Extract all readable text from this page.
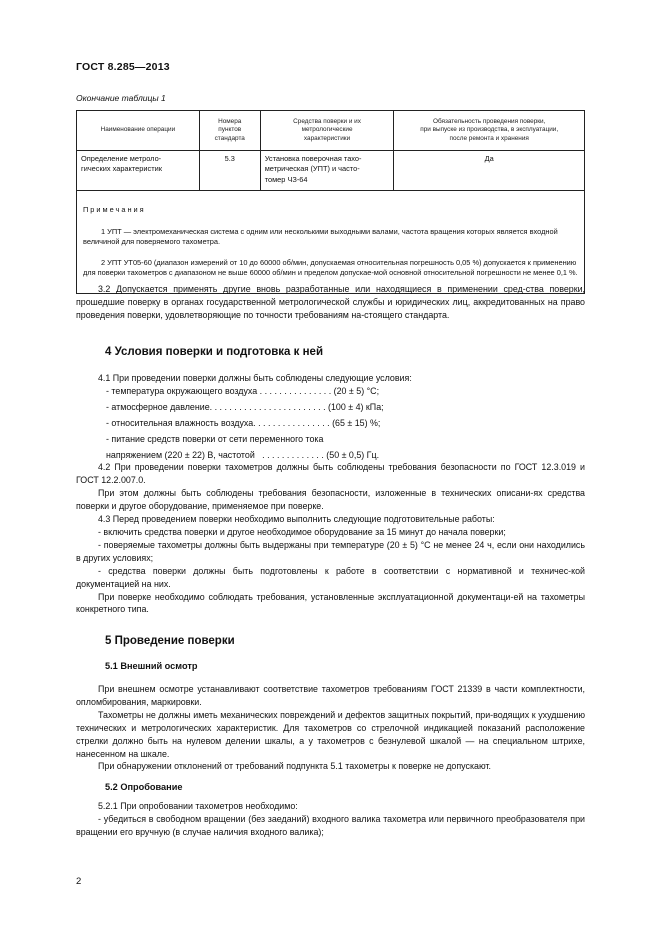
ГОСТ 8.285—2013
Окончание таблицы 1
Наименование операции	Номера
пунктов
стандарта	Средства поверки и их
метрологические
характеристики	Обязательность проведения поверки,
при выпуске из производства, в эксплуатации,
после ремонта и хранения
Определение метроло-
гических характеристик	5.3	Установка поверочная тахо-
метрическая (УПТ) и часто-
томер ЧЗ-64	Да

Примечания

1 УПТ — электромеханическая система с одним или несколькими выходными валами, частота вращения которых является входной величиной для поверяемого тахометра.

2 УПТ УТ05-60 (диапазон измерений от 10 до 60000 об/мин, допускаемая относительная погрешность 0,05 %) допускается к применению для поверки тахометров с диапазоном не выше 60000 об/мин и пределом допускае-мой основной относительной погрешности не менее 0,1 %.			

3.2 Допускается применять другие вновь разработанные или находящиеся в применении сред-ства поверки, прошедшие поверку в органах государственной метрологической службы и юридических лиц, аккредитованных на право проведения поверки, удовлетворяющие по точности требованиям на-стоящего стандарта.
4 Условия поверки и подготовка к ней
4.1 При проведении поверки должны быть соблюдены следующие условия:
- температура окружающего воздуха . . . . . . . . . . . . . . . (20 ± 5) °С;
- атмосферное давление. . . . . . . . . . . . . . . . . . . . . . . . (100 ± 4) кПа;
- относительная влажность воздуха. . . . . . . . . . . . . . . . (65 ± 15) %;
- питание средств поверки от сети переменного тока
напряжением (220 ± 22) В, частотой   . . . . . . . . . . . . . (50 ± 0,5) Гц.
4.2 При проведении поверки тахометров должны быть соблюдены требования безопасности по ГОСТ 12.3.019 и ГОСТ 12.2.007.0.
При этом должны быть соблюдены требования безопасности, изложенные в технических описани-ях средства поверки и другое оборудование, применяемое при поверке.
4.3 Перед проведением поверки необходимо выполнить следующие подготовительные работы:
- включить средства поверки и другое необходимое оборудование за 15 минут до начала поверки;
- поверяемые тахометры должны быть выдержаны при температуре (20 ± 5) °С не менее 24 ч, если они находились в других условиях;
- средства поверки должны быть подготовлены к работе в соответствии с нормативной и техничес-кой документацией на них.
При поверке необходимо соблюдать требования, установленные эксплуатационной документаци-ей на тахометры конкретного типа.
5 Проведение поверки
5.1 Внешний осмотр
При внешнем осмотре устанавливают соответствие тахометров требованиям ГОСТ 21339 в части комплектности, опломбирования, маркировки.
Тахометры не должны иметь механических повреждений и дефектов защитных покрытий, при-водящих к ухудшению технических и метрологических характеристик. Для тахометров со стрелочной индикацией показаний расположение стрелки должно быть на нулевом делении шкалы, а у тахометров с безнулевой шкалой — на специальном штрихе, нанесенном на шкале.
При обнаружении отклонений от требований подпункта 5.1 тахометры к поверке не допускают.
5.2 Опробование
5.2.1 При опробовании тахометров необходимо:
- убедиться в свободном вращении (без заеданий) входного валика тахометра или первичного преобразователя при вращении его вручную (в случае наличия входного валика);
2
